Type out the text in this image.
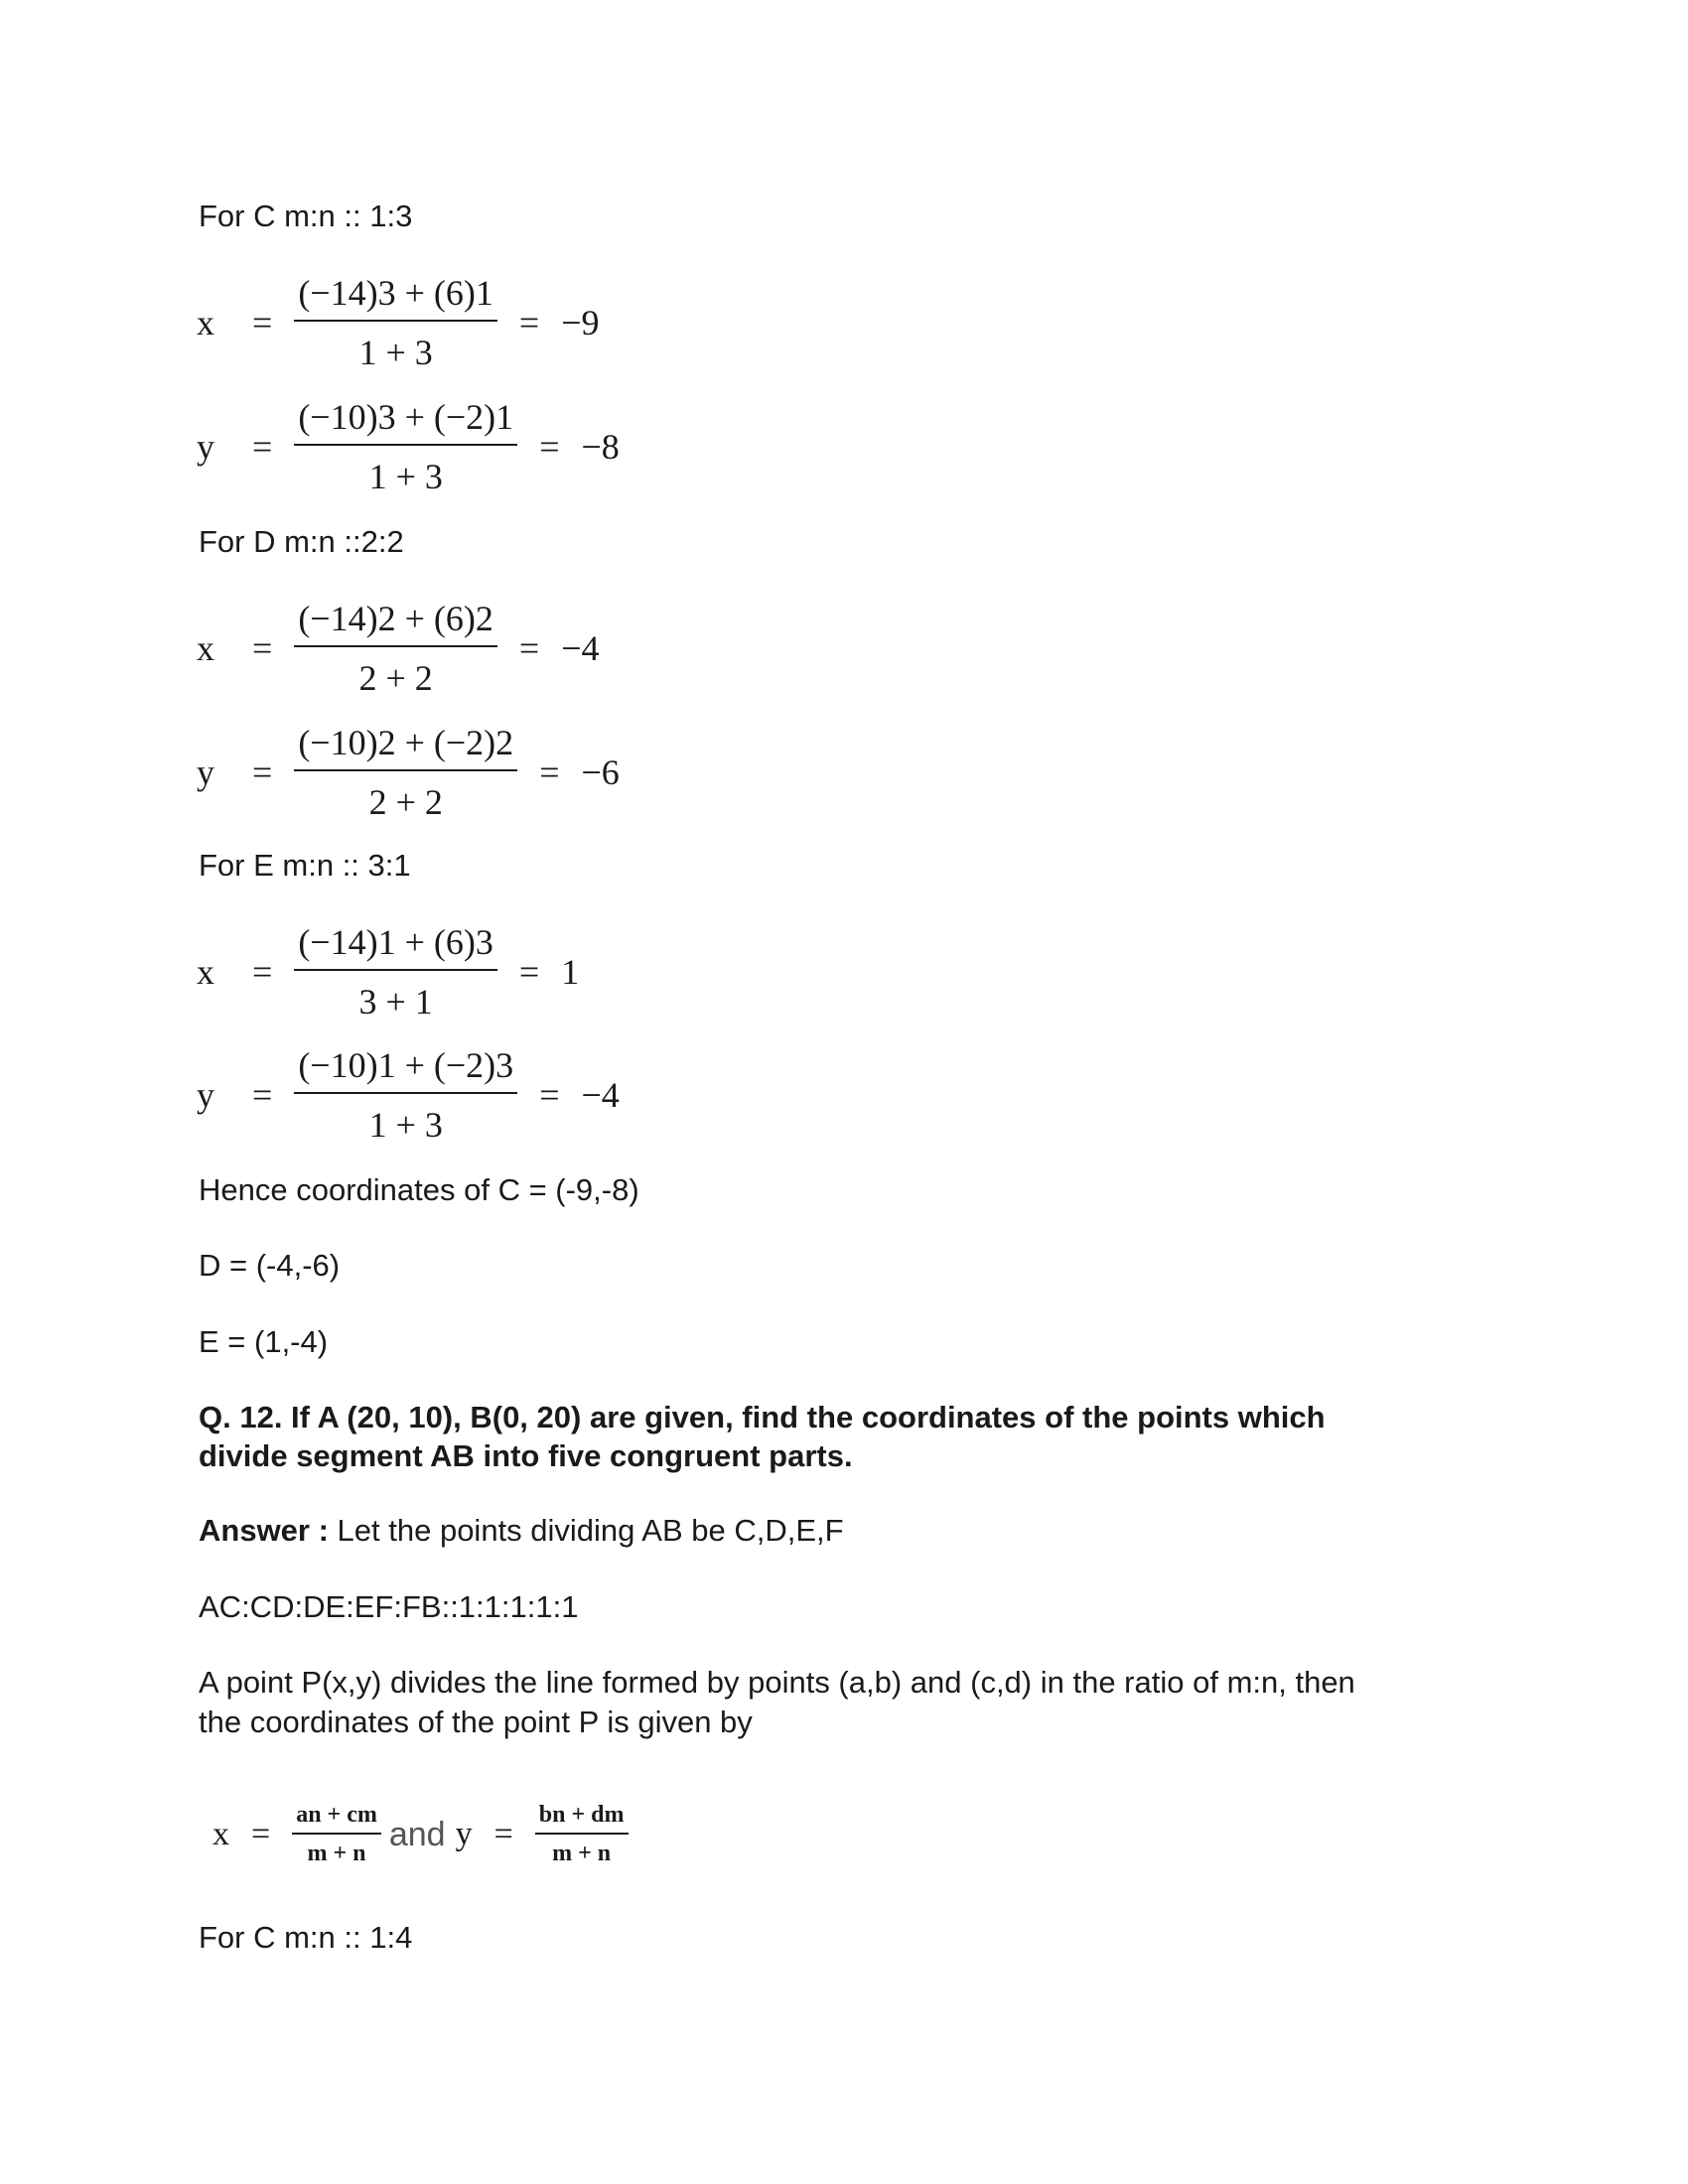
For C m:n :: 1:3
x	= $\frac{(-14)3 + (6)1}{1 + 3} = -9$
y	= $\frac{(-10)3 + (-2)1}{1 + 3} = -8$
For D m:n ::2:2
x	= $\frac{(-14)2 + (6)2}{2 + 2} = -4$
y	= $\frac{(-10)2 + (-2)2}{2 + 2} = -6$
For E m:n :: 3:1
x	= $\frac{(-14)1 + (6)3}{3 + 1} = 1$
y	= $\frac{(-10)1 + (-2)3}{1 + 3} = -4$
Hence coordinates of C = (-9,-8)
D = (-4,-6)
E = (1,-4)
Q. 12. If A (20, 10), B(0, 20) are given, find the coordinates of the points which
divide segment AB into five congruent parts.
Answer : Let the points dividing AB be C,D,E,F
AC:CD:DE:EF:FB::1:1:1:1:1
A point P(x,y) divides the line formed by points (a,b) and (c,d) in the ratio of m:n, then
the coordinates of the point P is given by
$x = \frac{an + cm}{m + n}$ and $y = \frac{bn + dm}{m + n}$
For C m:n :: 1:4
